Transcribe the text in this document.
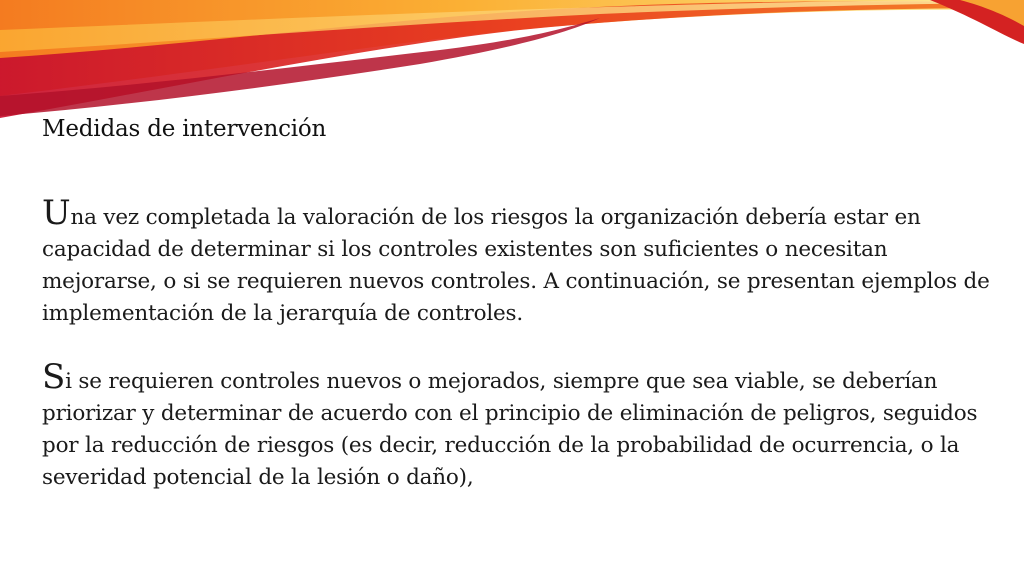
Medidas de intervención

Una vez completada la valoración de los riesgos la organización debería estar en capacidad de determinar si los controles existentes son suficientes o necesitan mejorarse, o si se requieren nuevos controles. A continuación, se presentan ejemplos de implementación de la jerarquía de controles.

Si se requieren controles nuevos o mejorados, siempre que sea viable, se deberían priorizar y determinar de acuerdo con el principio de eliminación de peligros, seguidos por la reducción de riesgos (es decir, reducción de la probabilidad de ocurrencia, o la severidad potencial de la lesión o daño),
